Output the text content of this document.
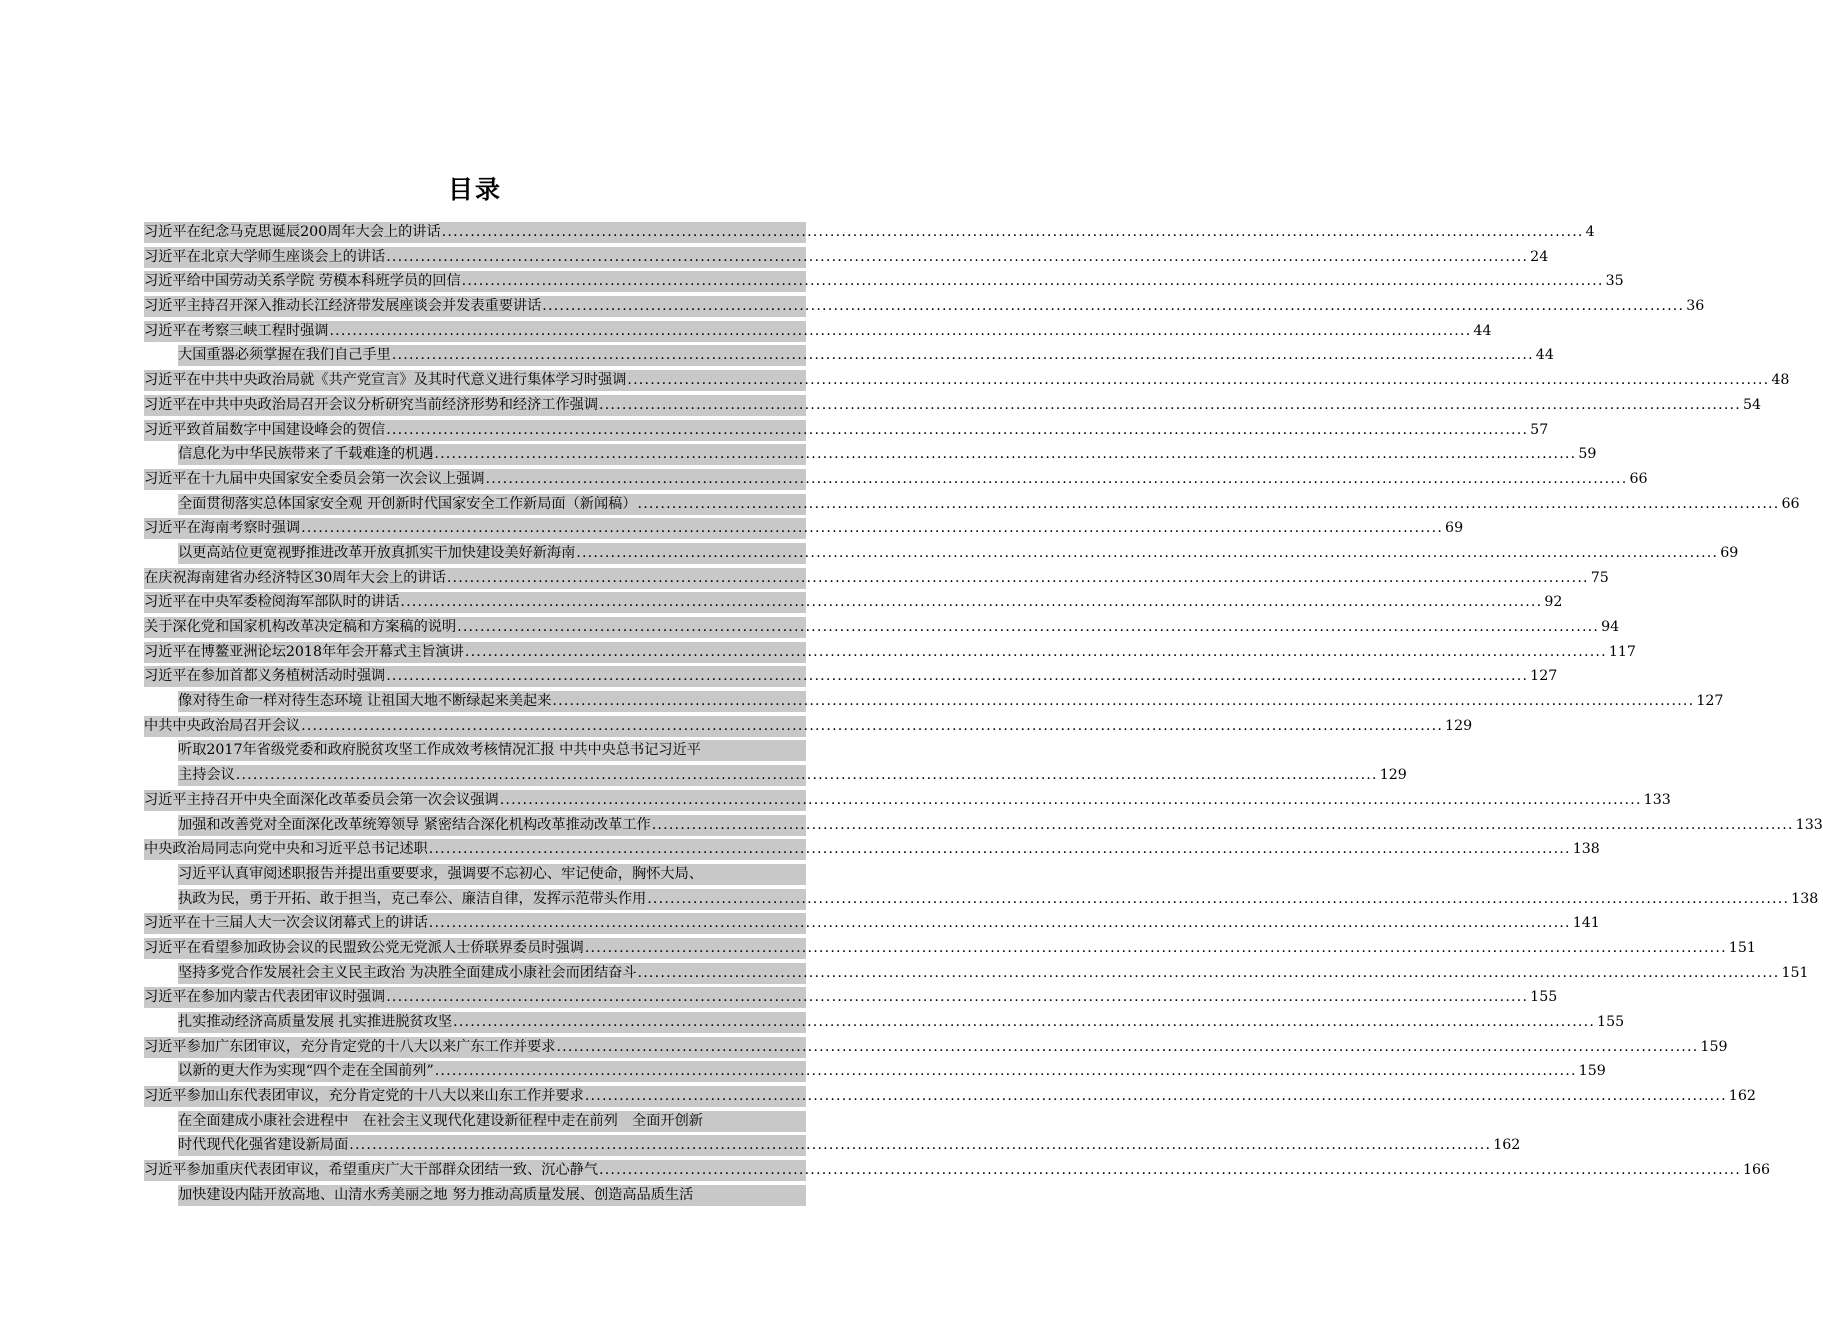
目录
习近平在纪念马克思诞辰200周年大会上的讲话 ........................................................................................................................................................................................................ 4
习近平在北京大学师生座谈会上的讲话 ........................................................................................................................................................................................................ 24
习近平给中国劳动关系学院 劳模本科班学员的回信 ........................................................................................................................................................................................................ 35
习近平主持召开深入推动长江经济带发展座谈会并发表重要讲话 ........................................................................................................................................................................................................ 36
习近平在考察三峡工程时强调 ........................................................................................................................................................................................................ 44
大国重器必须掌握在我们自己手里 ........................................................................................................................................................................................................ 44
习近平在中共中央政治局就《共产党宣言》及其时代意义进行集体学习时强调 ........................................................................................................................................................................................................ 48
习近平在中共中央政治局召开会议分析研究当前经济形势和经济工作强调 ........................................................................................................................................................................................................ 54
习近平致首届数字中国建设峰会的贺信 ........................................................................................................................................................................................................ 57
信息化为中华民族带来了千载难逢的机遇 ........................................................................................................................................................................................................ 59
习近平在十九届中央国家安全委员会第一次会议上强调 ........................................................................................................................................................................................................ 66
全面贯彻落实总体国家安全观 开创新时代国家安全工作新局面（新闻稿） ........................................................................................................................................................................................................ 66
习近平在海南考察时强调 ........................................................................................................................................................................................................ 69
以更高站位更宽视野推进改革开放真抓实干加快建设美好新海南 ........................................................................................................................................................................................................ 69
在庆祝海南建省办经济特区30周年大会上的讲话 ........................................................................................................................................................................................................ 75
习近平在中央军委检阅海军部队时的讲话 ........................................................................................................................................................................................................ 92
关于深化党和国家机构改革决定稿和方案稿的说明 ........................................................................................................................................................................................................ 94
习近平在博鳌亚洲论坛2018年年会开幕式主旨演讲 ........................................................................................................................................................................................................ 117
习近平在参加首都义务植树活动时强调 ........................................................................................................................................................................................................ 127
像对待生命一样对待生态环境 让祖国大地不断绿起来美起来 ........................................................................................................................................................................................................ 127
中共中央政治局召开会议 ........................................................................................................................................................................................................ 129
听取2017年省级党委和政府脱贫攻坚工作成效考核情况汇报 中共中央总书记习近平
主持会议 ........................................................................................................................................................................................................ 129
习近平主持召开中央全面深化改革委员会第一次会议强调 ........................................................................................................................................................................................................ 133
加强和改善党对全面深化改革统筹领导 紧密结合深化机构改革推动改革工作 ........................................................................................................................................................................................................ 133
中央政治局同志向党中央和习近平总书记述职 ........................................................................................................................................................................................................ 138
习近平认真审阅述职报告并提出重要要求，强调要不忘初心、牢记使命，胸怀大局、
执政为民，勇于开拓、敢于担当，克己奉公、廉洁自律，发挥示范带头作用 ........................................................................................................................................................................................................ 138
习近平在十三届人大一次会议闭幕式上的讲话 ........................................................................................................................................................................................................ 141
习近平在看望参加政协会议的民盟致公党无党派人士侨联界委员时强调 ........................................................................................................................................................................................................ 151
坚持多党合作发展社会主义民主政治 为决胜全面建成小康社会而团结奋斗 ........................................................................................................................................................................................................ 151
习近平在参加内蒙古代表团审议时强调 ........................................................................................................................................................................................................ 155
扎实推动经济高质量发展 扎实推进脱贫攻坚 ........................................................................................................................................................................................................ 155
习近平参加广东团审议，充分肯定党的十八大以来广东工作并要求 ........................................................................................................................................................................................................ 159
以新的更大作为实现“四个走在全国前列” ........................................................................................................................................................................................................ 159
习近平参加山东代表团审议，充分肯定党的十八大以来山东工作并要求 ........................................................................................................................................................................................................ 162
在全面建成小康社会进程中　在社会主义现代化建设新征程中走在前列　全面开创新
时代现代化强省建设新局面 ........................................................................................................................................................................................................ 162
习近平参加重庆代表团审议，希望重庆广大干部群众团结一致、沉心静气 ........................................................................................................................................................................................................ 166
加快建设内陆开放高地、山清水秀美丽之地 努力推动高质量发展、创造高品质生活
